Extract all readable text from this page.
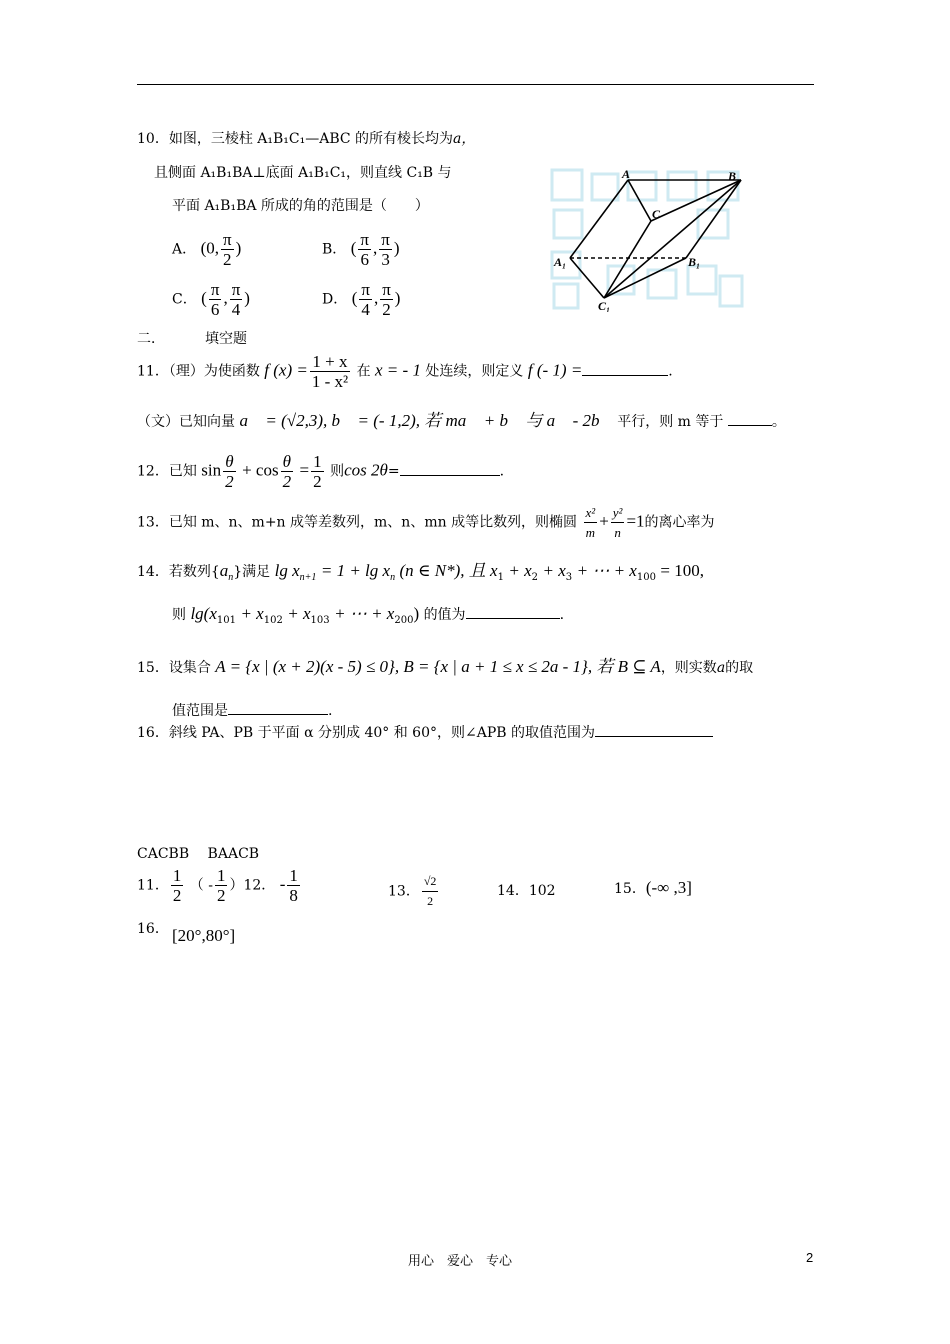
10．如图，三棱柱 A₁B₁C₁—ABC 的所有棱长均为a，
且侧面 A₁B₁BA⊥底面 A₁B₁C₁，则直线 C₁B 与
平面 A₁B₁BA 所成的角的范围是（　　）
A． (0, $\frac{\pi}{2}$ )	B． ( $\frac{\pi}{6}$ , $\frac{\pi}{3}$ )
C． ( $\frac{\pi}{6}$ , $\frac{\pi}{4}$ )	D． ( $\frac{\pi}{4}$ , $\frac{\pi}{2}$ )
A	B
C
A₁	B₁
C₁
二．	填空题
11．（理）为使函数 f $(x) = \frac{1 + x}{\text{1 - x²}}$ 在 x = - 1 处连续，则定义 f (- 1) =	.
（文）已知向量 a⃗ = (√2,3), b⃗ = (- 1,2), 若 ma⃗ + b⃗ 与 a⃗ - 2b⃗ 平行，则 m 等于	。
12．已知 $\sin \frac{\theta}{2} + \cos \frac{\theta}{2} = \frac{1}{2}$ 则cos 2θ=	.
13．已知 m、n、m+n 成等差数列，m、n、mn 成等比数列，则椭圆 $\frac{\text{x²}}{m} + \frac{\text{y²}}{n} =1$的离心率为
14．若数列$\{a_n\}$满足 $\lg x_{n+1} = 1 + \lg x_n$ (n ∈ N*), 且 $x_1 + x_2 + x_3$ + ⋯ + $x_{100} = 100$,
则 $\lg(x_{101} + x_{102} + x_{103}$ + ⋯ + $x_{200}$) 的值为	.
15．设集合 A = {x | (x + 2)(x - 5) ≤ 0}, B = {x | a + 1 ≤ x ≤ 2a - 1}, 若 B ⊆ A，则实数a的取
值范围是	.
16．斜线 PA、PB 于平面 α 分别成 40° 和 60°，则∠APB 的取值范围为
CACBB　 BAACB
11． $\frac{1}{2}$ （ - $\frac{1}{2} )12$． - $\frac{1}{8}$	13． $\frac{√2}{2}$	14．102	15．(-∞ ,3]
16． [20°,80°]
用心　爱心　专心	2
